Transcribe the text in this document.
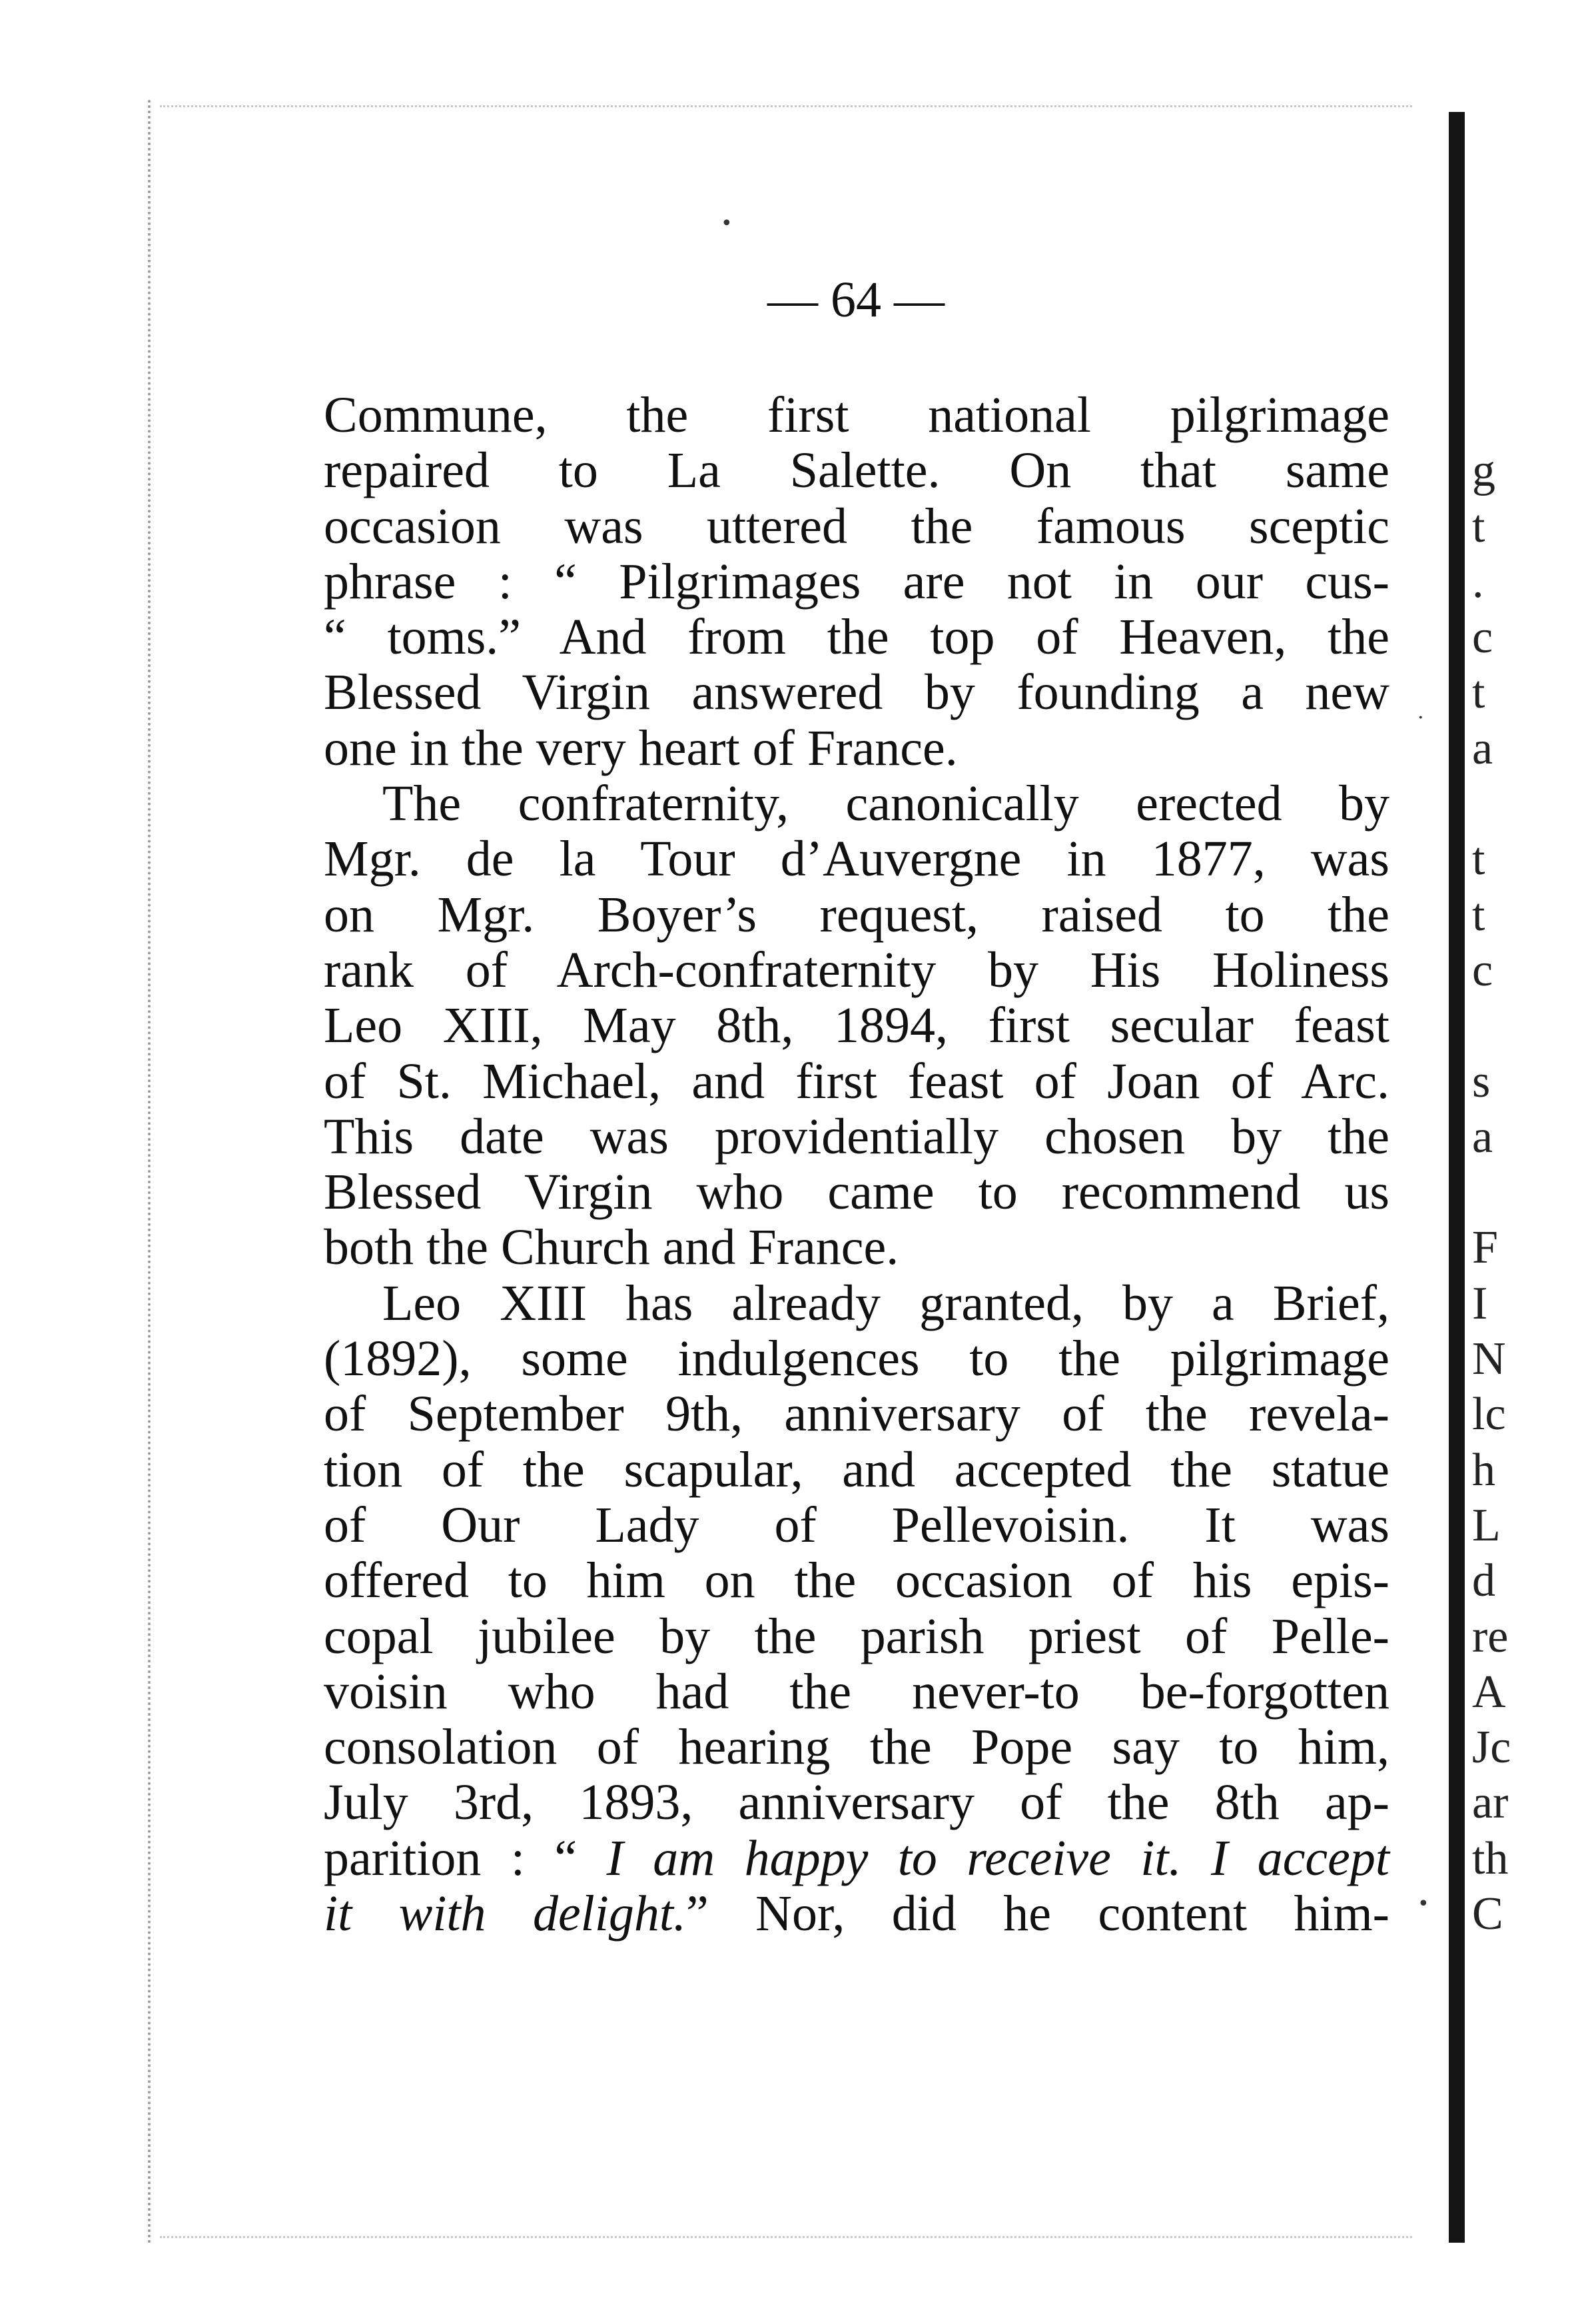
— 64 —

Commune, the first national pilgrimage
repaired to La Salette. On that same
occasion was uttered the famous sceptic
phrase : “ Pilgrimages are not in our cus-
“ toms.” And from the top of Heaven, the
Blessed Virgin answered by founding a new
one in the very heart of France.

The confraternity, canonically erected by
Mgr. de la Tour d’Auvergne in 1877, was
on Mgr. Boyer’s request, raised to the
rank of Arch-confraternity by His Holiness
Leo XIII, May 8th, 1894, first secular feast
of St. Michael, and first feast of Joan of Arc.
This date was providentially chosen by the
Blessed Virgin who came to recommend us
both the Church and France.

Leo XIII has already granted, by a Brief,
(1892), some indulgences to the pilgrimage
of September 9th, anniversary of the revela-
tion of the scapular, and accepted the statue
of Our Lady of Pellevoisin. It was
offered to him on the occasion of his epis-
copal jubilee by the parish priest of Pelle-
voisin who had the never-to be-forgotten
consolation of hearing the Pope say to him,
July 3rd, 1893, anniversary of the 8th ap-
parition : “ I am happy to receive it. I accept
it with delight.” Nor, did he content him-

g
t
.
c
t
a

t
t
c

s
a

F
I
N
lc
h
L
d
re
A
Jc
ar
th
C
•
·
•
